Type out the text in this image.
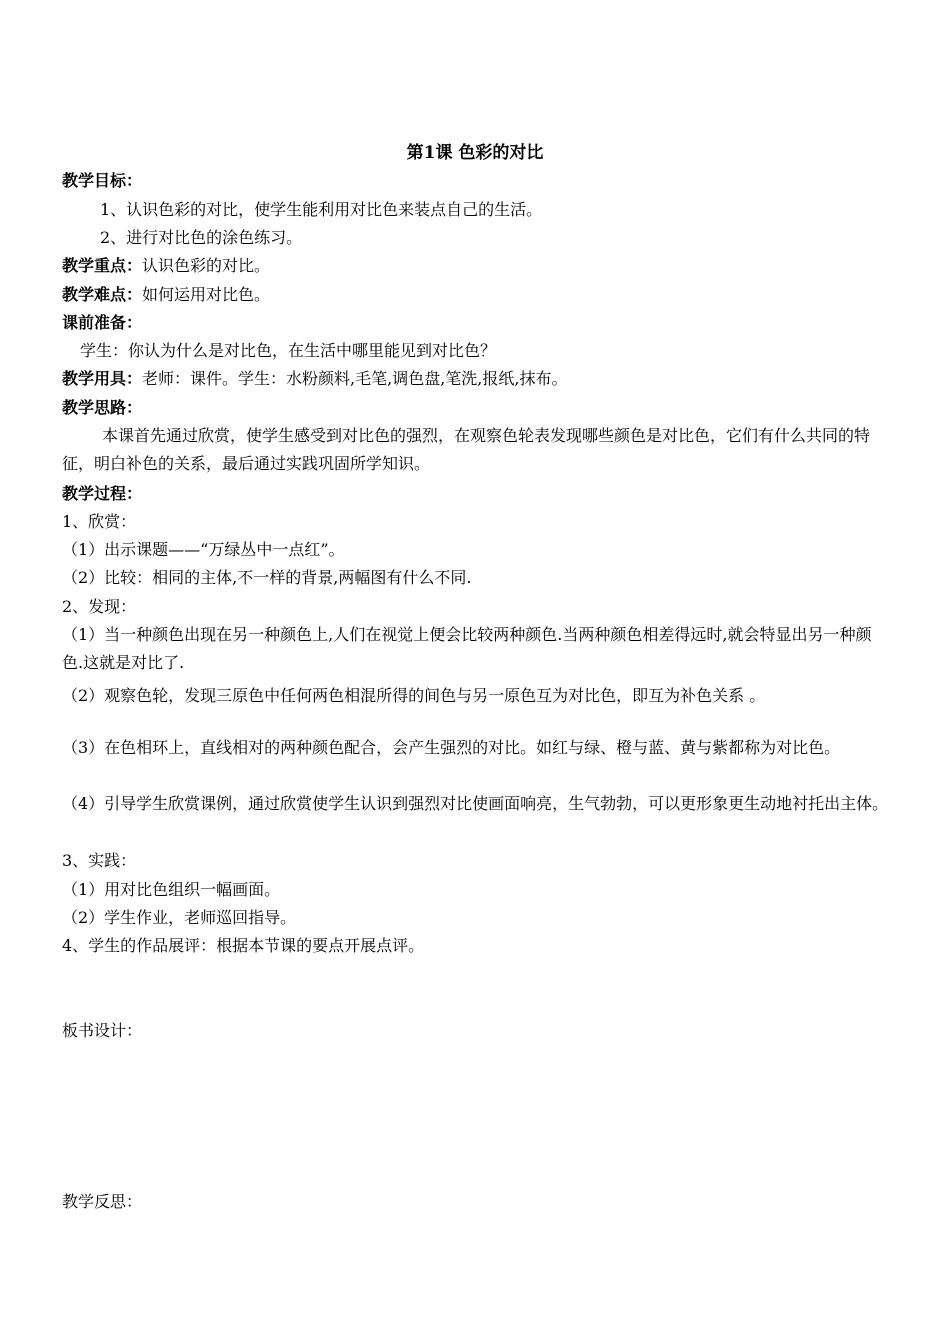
第1课 色彩的对比
教学目标：
1、认识色彩的对比，使学生能利用对比色来装点自己的生活。
2、进行对比色的涂色练习。
教学重点：认识色彩的对比。
教学难点：如何运用对比色。
课前准备：
学生：你认为什么是对比色，在生活中哪里能见到对比色？
教学用具：老师：课件。学生：水粉颜料,毛笔,调色盘,笔洗,报纸,抹布。
教学思路：
本课首先通过欣赏，使学生感受到对比色的强烈，在观察色轮表发现哪些颜色是对比色，它们有什么共同的特征，明白补色的关系，最后通过实践巩固所学知识。
教学过程：
1、欣赏：
（1）出示课题——“万绿丛中一点红”。
（2）比较：相同的主体,不一样的背景,两幅图有什么不同.
2、发现：
（1）当一种颜色出现在另一种颜色上,人们在视觉上便会比较两种颜色.当两种颜色相差得远时,就会特显出另一种颜色.这就是对比了.
（2）观察色轮，发现三原色中任何两色相混所得的间色与另一原色互为对比色，即互为补色关系 。
（3）在色相环上，直线相对的两种颜色配合，会产生强烈的对比。如红与绿、橙与蓝、黄与紫都称为对比色。
（4）引导学生欣赏课例，通过欣赏使学生认识到强烈对比使画面响亮，生气勃勃，可以更形象更生动地衬托出主体。
3、实践：
（1）用对比色组织一幅画面。
（2）学生作业，老师巡回指导。
4、学生的作品展评：根据本节课的要点开展点评。
板书设计：
教学反思：
